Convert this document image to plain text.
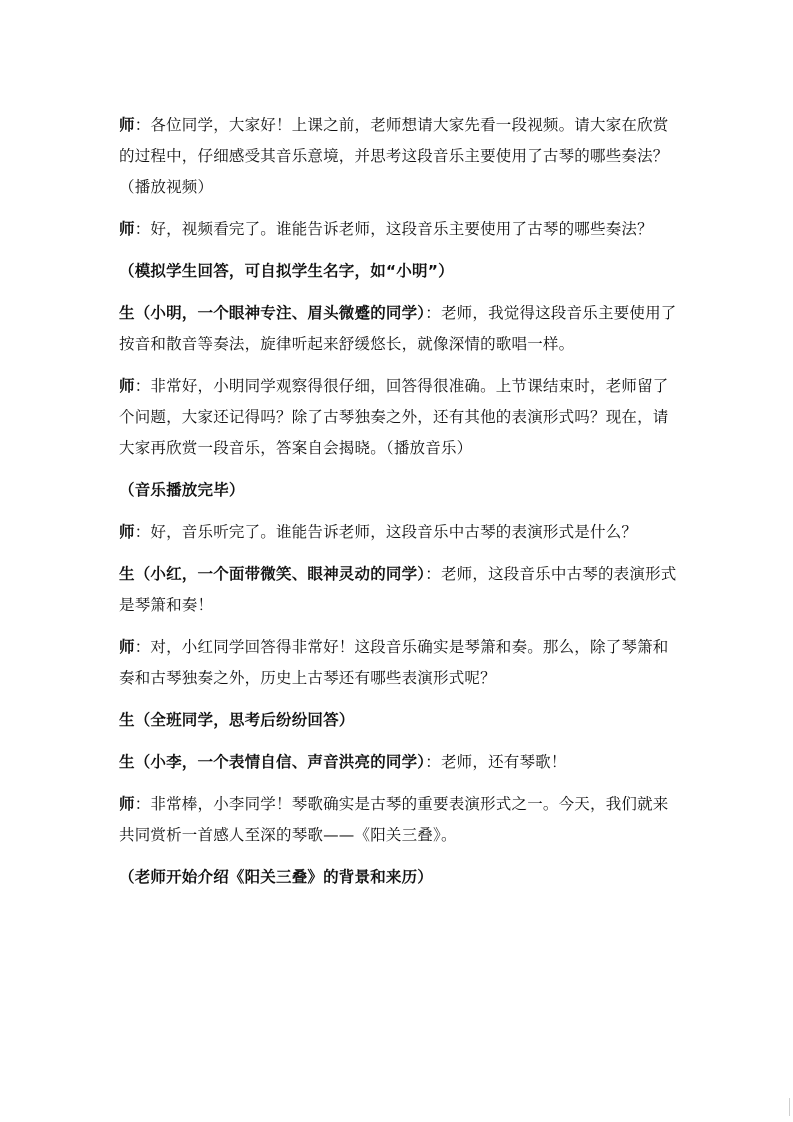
师：各位同学，大家好！上课之前，老师想请大家先看一段视频。请大家在欣赏的过程中，仔细感受其音乐意境，并思考这段音乐主要使用了古琴的哪些奏法？（播放视频）

师：好，视频看完了。谁能告诉老师，这段音乐主要使用了古琴的哪些奏法？

（模拟学生回答，可自拟学生名字，如“小明”）

生（小明，一个眼神专注、眉头微蹙的同学）：老师，我觉得这段音乐主要使用了按音和散音等奏法，旋律听起来舒缓悠长，就像深情的歌唱一样。

师：非常好，小明同学观察得很仔细，回答得很准确。上节课结束时，老师留了个问题，大家还记得吗？除了古琴独奏之外，还有其他的表演形式吗？现在，请大家再欣赏一段音乐，答案自会揭晓。（播放音乐）

（音乐播放完毕）

师：好，音乐听完了。谁能告诉老师，这段音乐中古琴的表演形式是什么？

生（小红，一个面带微笑、眼神灵动的同学）：老师，这段音乐中古琴的表演形式是琴箫和奏！

师：对，小红同学回答得非常好！这段音乐确实是琴箫和奏。那么，除了琴箫和奏和古琴独奏之外，历史上古琴还有哪些表演形式呢？

生（全班同学，思考后纷纷回答）

生（小李，一个表情自信、声音洪亮的同学）：老师，还有琴歌！

师：非常棒，小李同学！琴歌确实是古琴的重要表演形式之一。今天，我们就来共同赏析一首感人至深的琴歌——《阳关三叠》。

（老师开始介绍《阳关三叠》的背景和来历）
